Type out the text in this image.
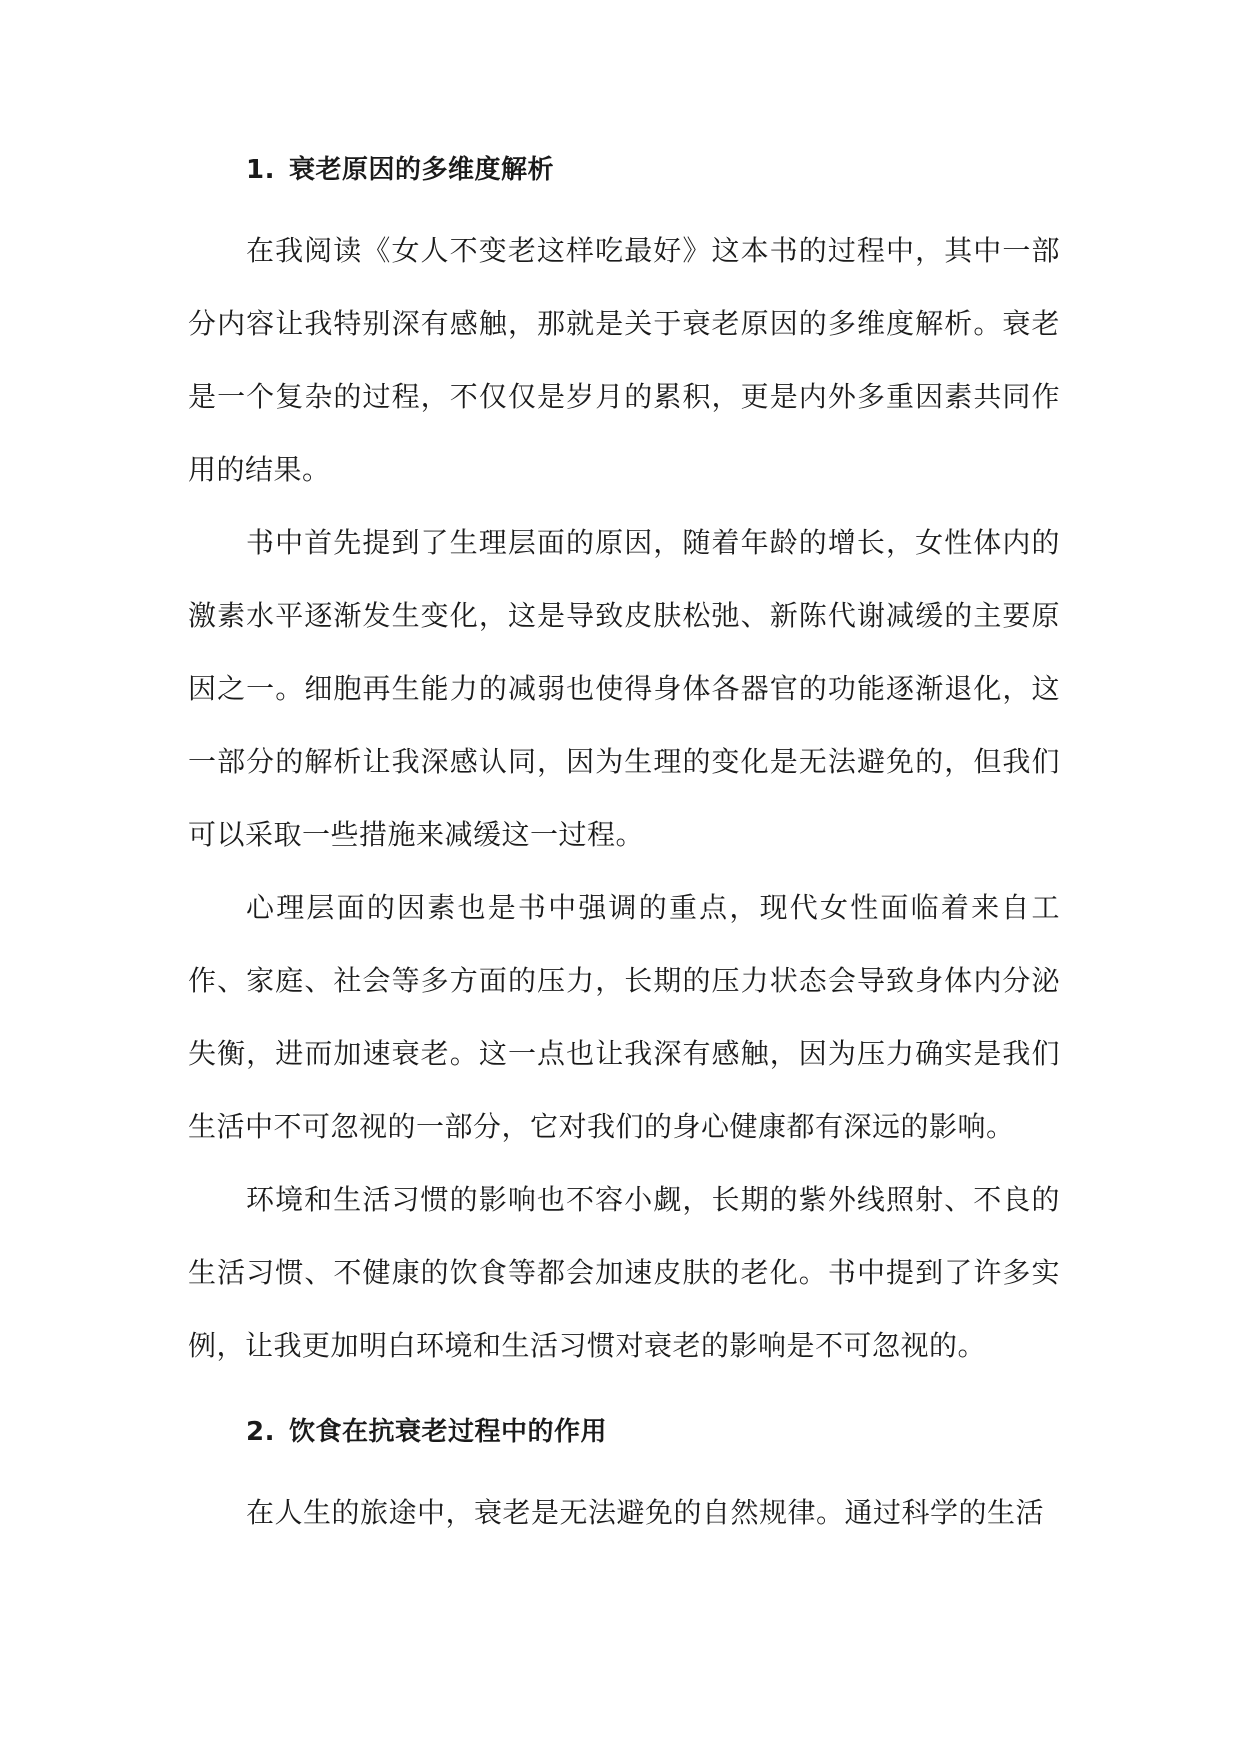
1. 衰老原因的多维度解析

在我阅读《女人不变老这样吃最好》这本书的过程中，其中一部分内容让我特别深有感触，那就是关于衰老原因的多维度解析。衰老是一个复杂的过程，不仅仅是岁月的累积，更是内外多重因素共同作用的结果。

书中首先提到了生理层面的原因，随着年龄的增长，女性体内的激素水平逐渐发生变化，这是导致皮肤松弛、新陈代谢减缓的主要原因之一。细胞再生能力的减弱也使得身体各器官的功能逐渐退化，这一部分的解析让我深感认同，因为生理的变化是无法避免的，但我们可以采取一些措施来减缓这一过程。

心理层面的因素也是书中强调的重点，现代女性面临着来自工作、家庭、社会等多方面的压力，长期的压力状态会导致身体内分泌失衡，进而加速衰老。这一点也让我深有感触，因为压力确实是我们生活中不可忽视的一部分，它对我们的身心健康都有深远的影响。

环境和生活习惯的影响也不容小觑，长期的紫外线照射、不良的生活习惯、不健康的饮食等都会加速皮肤的老化。书中提到了许多实例，让我更加明白环境和生活习惯对衰老的影响是不可忽视的。

2. 饮食在抗衰老过程中的作用

在人生的旅途中，衰老是无法避免的自然规律。通过科学的生活
